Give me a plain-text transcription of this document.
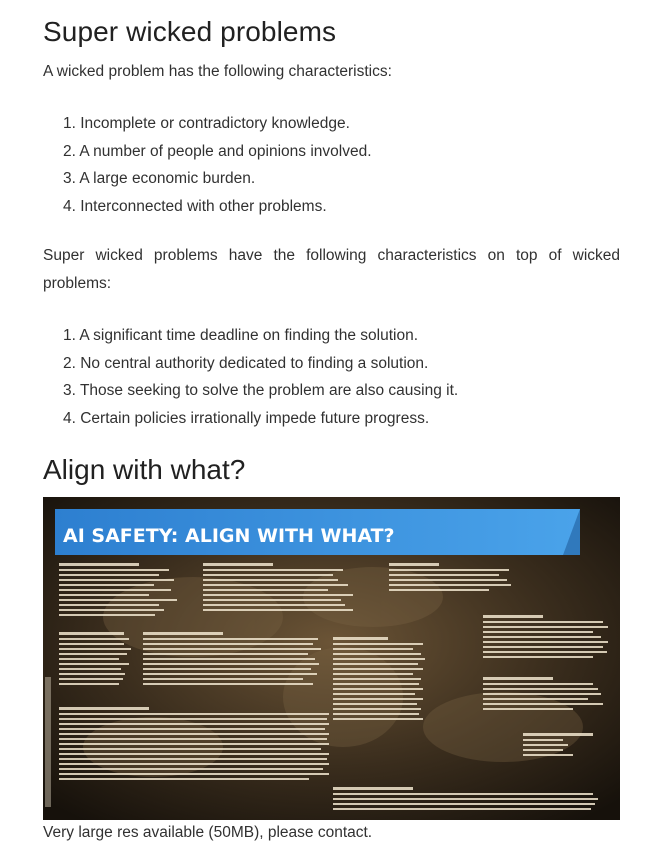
Super wicked problems

A wicked problem has the following characteristics:

1. Incomplete or contradictory knowledge.
2. A number of people and opinions involved.
3. A large economic burden.
4. Interconnected with other problems.

Super wicked problems have the following characteristics on top of wicked problems:

1. A significant time deadline on finding the solution.
2. No central authority dedicated to finding a solution.
3. Those seeking to solve the problem are also causing it.
4. Certain policies irrationally impede future progress.
Align with what?
AI SAFETY: ALIGN WITH WHAT?

Very large res available (50MB), please contact.
